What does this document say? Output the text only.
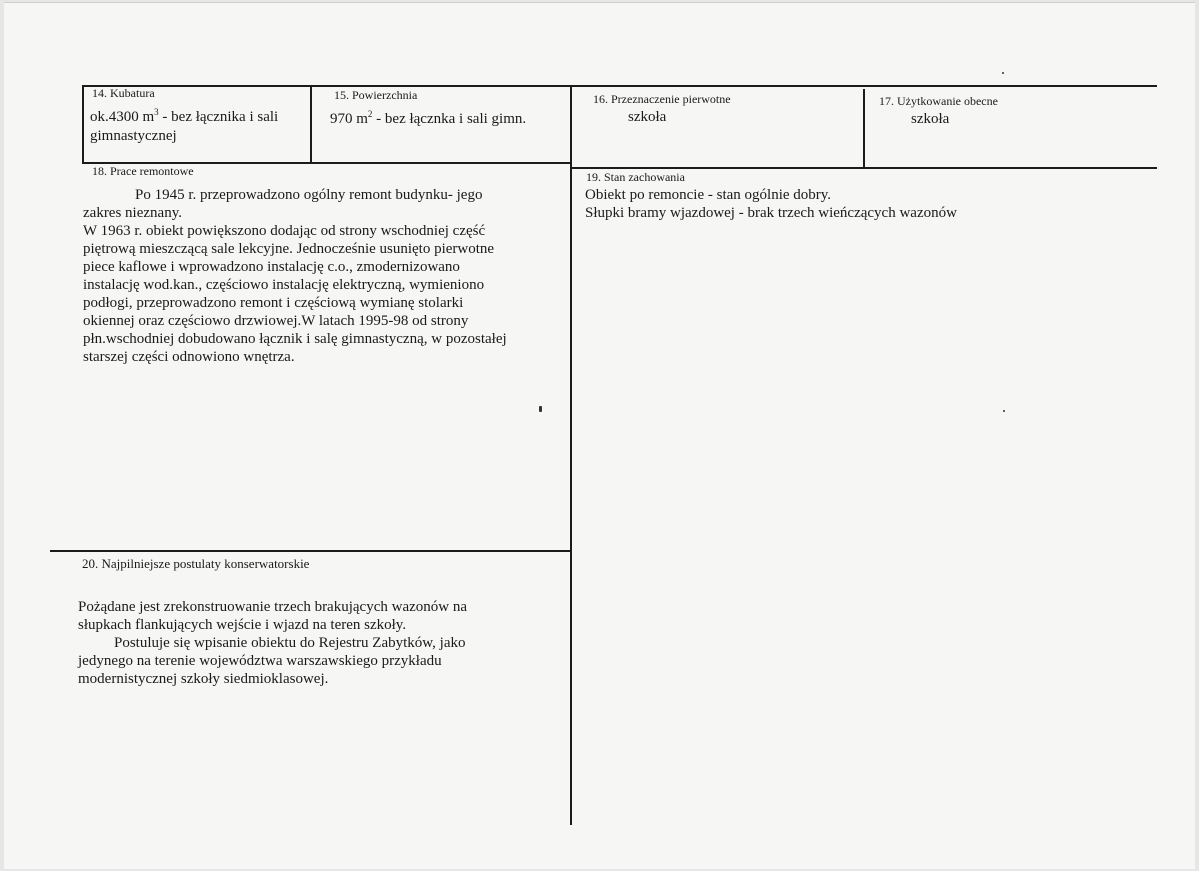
14. Kubatura
ok.4300 $m^3$ - bez łącznika i sali
gimnastycznej
15. Powierzchnia
970 $m^2$ - bez łącznka i sali gimn.
16. Przeznaczenie pierwotne
szkoła
17. Użytkowanie obecne
szkoła
18. Prace remontowe
Po 1945 r. przeprowadzono ogólny remont budynku- jego
zakres nieznany.
W 1963 r. obiekt powiększono dodając od strony wschodniej część
piętrową mieszczącą sale lekcyjne. Jednocześnie usunięto pierwotne
piece kaflowe i wprowadzono instalację c.o., zmodernizowano
instalację wod.kan., częściowo instalację elektryczną, wymieniono
podłogi, przeprowadzono remont i częściową wymianę stolarki
okiennej oraz częściowo drzwiowej.W latach 1995-98 od strony
płn.wschodniej dobudowano łącznik i salę gimnastyczną, w pozostałej
starszej części odnowiono wnętrza.
19. Stan zachowania
Obiekt po remoncie - stan ogólnie dobry.
Słupki bramy wjazdowej - brak trzech wieńczących wazonów
20. Najpilniejsze postulaty konserwatorskie
Pożądane jest zrekonstruowanie trzech brakujących wazonów na
słupkach flankujących wejście i wjazd na teren szkoły.
Postuluje się wpisanie obiektu do Rejestru Zabytków, jako
jedynego na terenie województwa warszawskiego przykładu
modernistycznej szkoły siedmioklasowej.
